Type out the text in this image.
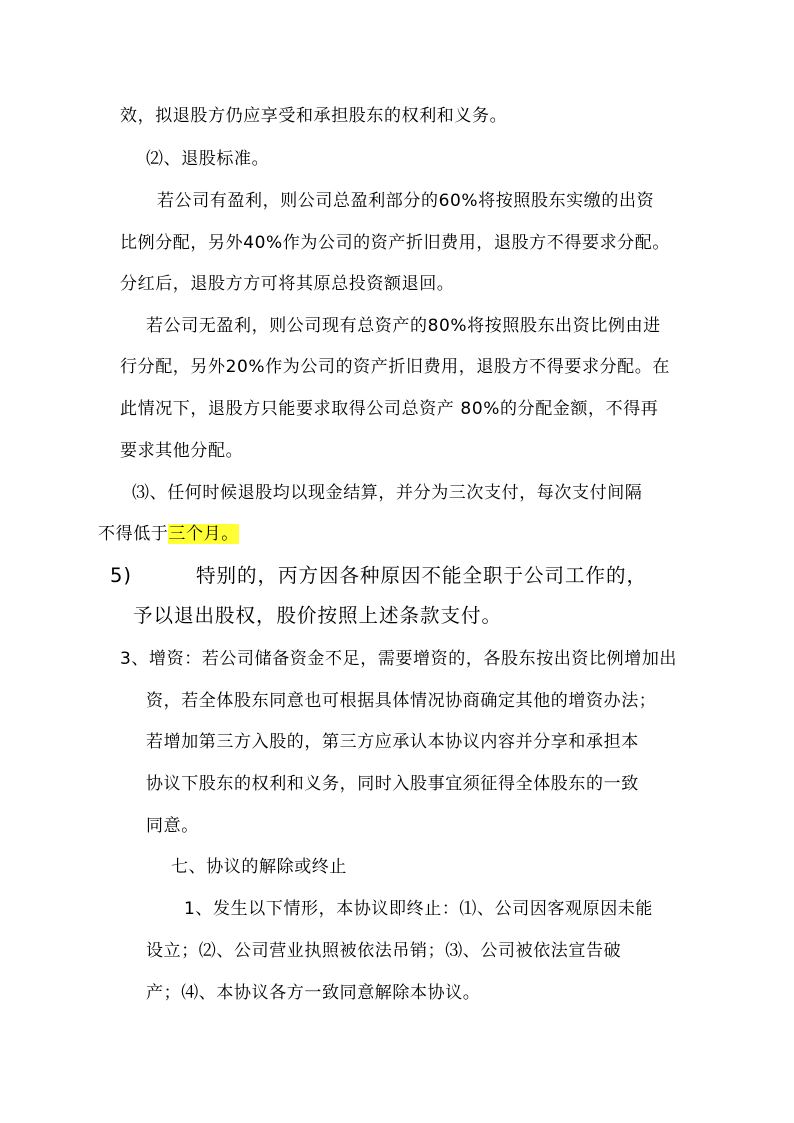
效，拟退股方仍应享受和承担股东的权利和义务。
⑵、退股标准。
若公司有盈利，则公司总盈利部分的60%将按照股东实缴的出资
比例分配，另外40%作为公司的资产折旧费用，退股方不得要求分配。
分红后，退股方方可将其原总投资额退回。
若公司无盈利，则公司现有总资产的80%将按照股东出资比例由进
行分配，另外20%作为公司的资产折旧费用，退股方不得要求分配。在
此情况下，退股方只能要求取得公司总资产 80%的分配金额，不得再
要求其他分配。
⑶、任何时候退股均以现金结算，并分为三次支付，每次支付间隔
不得低于三个月。
5)	特别的，丙方因各种原因不能全职于公司工作的，
予以退出股权，股价按照上述条款支付。
3、增资：若公司储备资金不足，需要增资的，各股东按出资比例增加出
资，若全体股东同意也可根据具体情况协商确定其他的增资办法；
若增加第三方入股的，第三方应承认本协议内容并分享和承担本
协议下股东的权利和义务，同时入股事宜须征得全体股东的一致
同意。
七、协议的解除或终止
1、发生以下情形，本协议即终止：⑴、公司因客观原因未能
设立；⑵、公司营业执照被依法吊销；⑶、公司被依法宣告破
产；⑷、本协议各方一致同意解除本协议。
